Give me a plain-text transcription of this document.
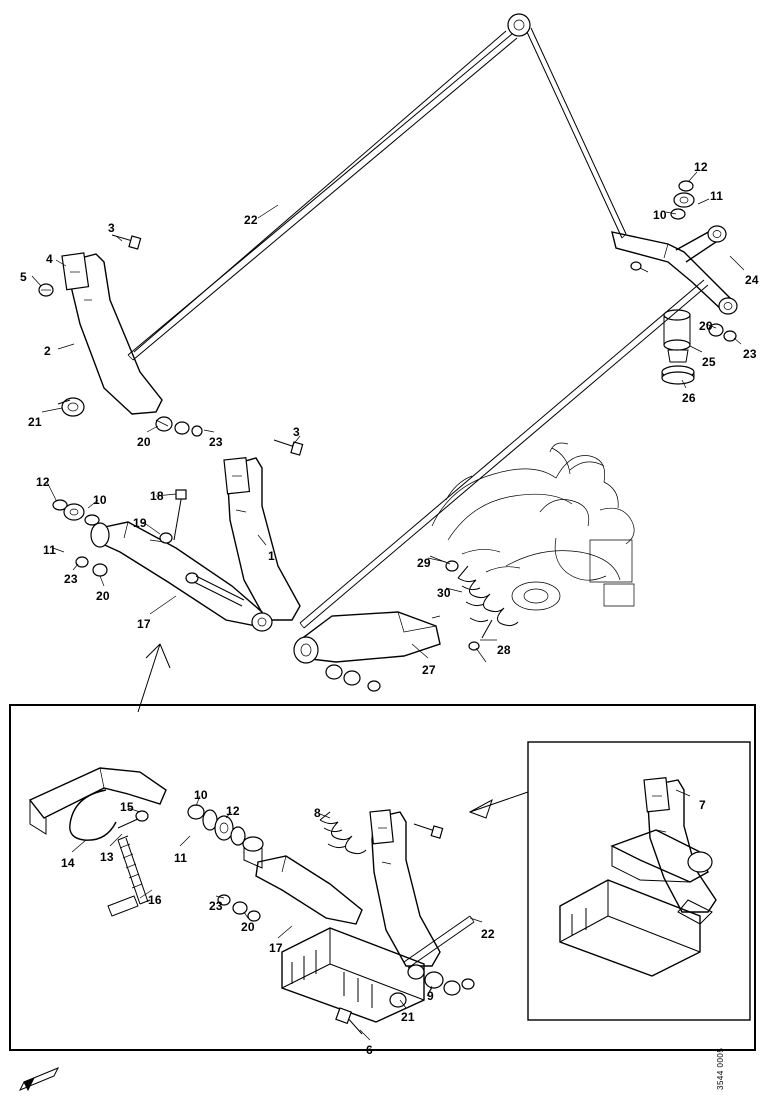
3
4
5
2
21
20	23
22
12
11
10
24
20
23
25
26
3
12
10	18
19
11
23
20
17
1	29
30
28
27
10
12
15
14 13	11
16	23
20
17
8
9
21
6
22
7
3544 0005
